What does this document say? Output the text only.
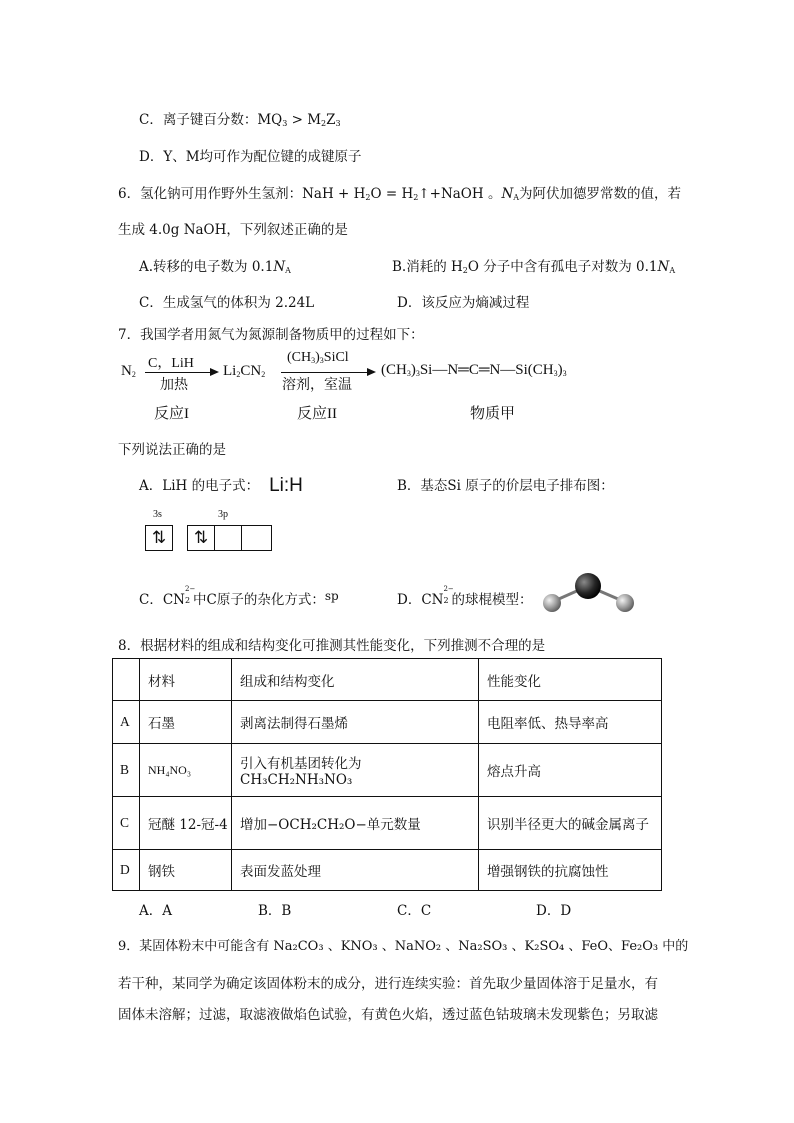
C．离子键百分数：MQ3 > M2Z3
D．Y、M均可作为配位键的成键原子
6．氢化钠可用作野外生氢剂：NaH + H2O = H2↑+NaOH 。NA为阿伏加德罗常数的值，若
生成 4.0g NaOH，下列叙述正确的是
A.转移的电子数为 0.1NA	B.消耗的 H2O 分子中含有孤电子对数为 0.1NA
C．生成氢气的体积为 2.24L	D．该反应为熵减过程
7．我国学者用氮气为氮源制备物质甲的过程如下：
N2
C，LiH
加热
Li2CN2
(CH3)3SiCl
溶剂，室温
(CH3)3Si—N═C═N—Si(CH3)3
反应I	反应II	物质甲
下列说法正确的是
A．LiH 的电子式： Li:H	B．基态Si 原子的价层电子排布图：
3s	3p
⇅	⇅
C．CN
2−
2 中C原子的杂化方式：sp	D．CN
2−
2 的球棍模型：
8．根据材料的组成和结构变化可推测其性能变化，下列推测不合理的是
	材料	组成和结构变化	性能变化
A	石墨	剥离法制得石墨烯	电阻率低、热导率高
B	NH₄NO₃	引入有机基团转化为 CH₃CH₂NH₃NO₃	熔点升高
C	冠醚 12-冠-4	增加−OCH₂CH₂O−单元数量	识别半径更大的碱金属离子
D	钢铁	表面发蓝处理	增强钢铁的抗腐蚀性
A．A	B．B	C．C	D．D
9．某固体粉末中可能含有 Na₂CO₃ 、KNO₃ 、NaNO₂ 、Na₂SO₃ 、K₂SO₄ 、FeO、Fe₂O₃ 中的
若干种，某同学为确定该固体粉末的成分，进行连续实验：首先取少量固体溶于足量水，有
固体未溶解；过滤，取滤液做焰色试验，有黄色火焰，透过蓝色钴玻璃未发现紫色；另取滤
